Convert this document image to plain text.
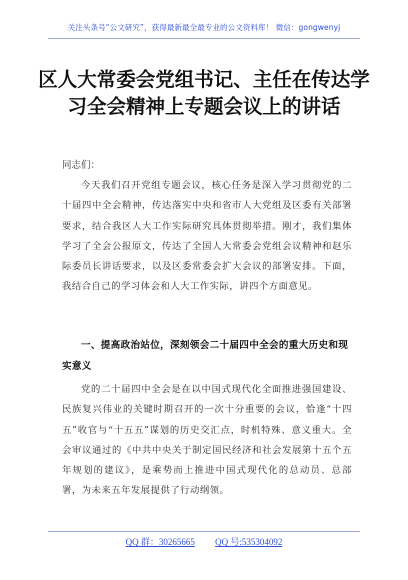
关注头条号“公文研究”，获得最新最全最专业的公文资料库！ 微信：gongwenyj
区人大常委会党组书记、主任在传达学
习全会精神上专题会议上的讲话
同志们：
今天我们召开党组专题会议，核心任务是深入学习贯彻党的二十届四中全会精神，传达落实中央和省市人大党组及区委有关部署要求，结合我区人大工作实际研究具体贯彻举措。刚才，我们集体学习了全会公报原文，传达了全国人大常委会党组会议精神和赵乐际委员长讲话要求，以及区委常委会扩大会议的部署安排。下面，我结合自己的学习体会和人大工作实际，讲四个方面意见。
一、提高政治站位，深刻领会二十届四中全会的重大历史和现实意义
党的二十届四中全会是在以中国式现代化全面推进强国建设、民族复兴伟业的关键时期召开的一次十分重要的会议，恰逢“十四五”收官与“十五五”谋划的历史交汇点，时机特殊、意义重大。全会审议通过的《中共中央关于制定国民经济和社会发展第十五个五年规划的建议》，是乘势而上推进中国式现代化的总动员、总部署，为未来五年发展提供了行动纲领。
QQ 群：30265665 QQ 号:535304092
